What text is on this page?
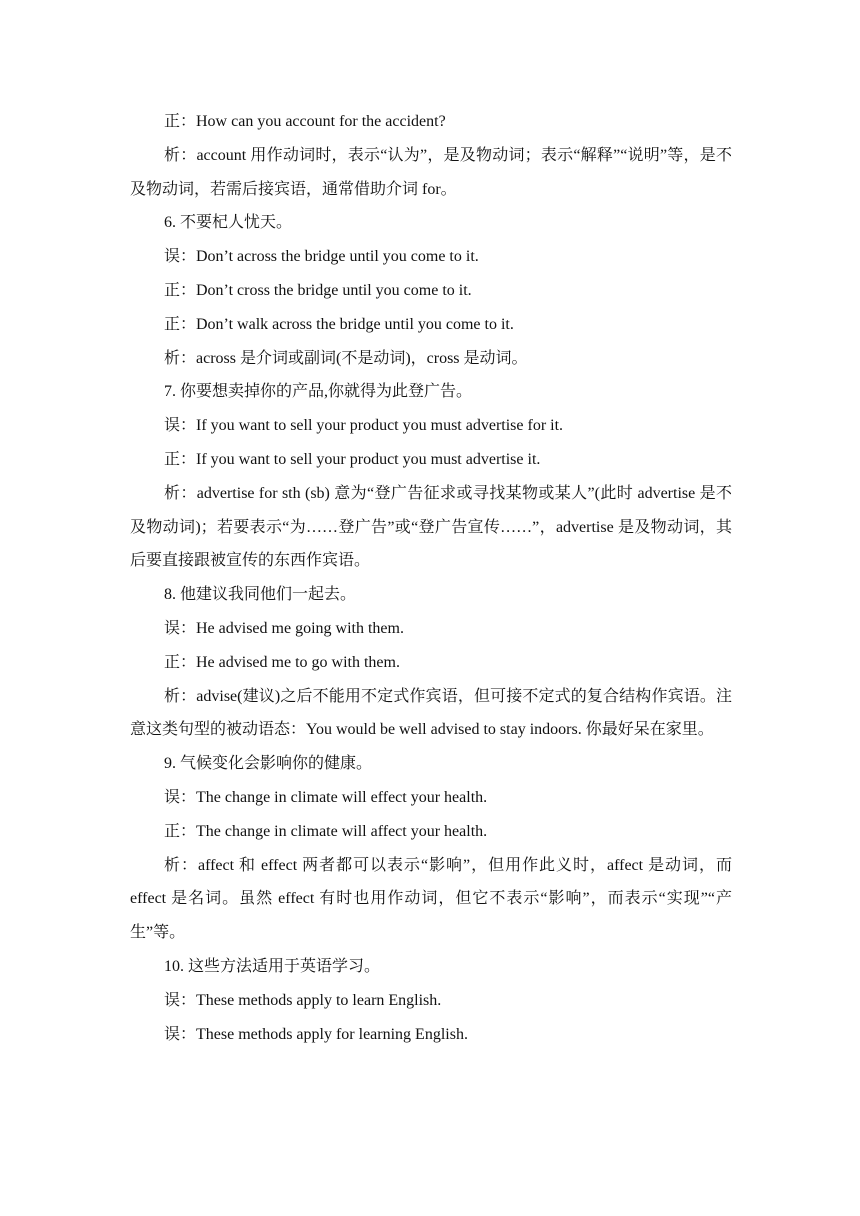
正：How can you account for the accident?
析：account 用作动词时，表示“认为”，是及物动词；表示“解释”“说明”等，是不及物动词，若需后接宾语，通常借助介词 for。
6. 不要杞人忧天。
误：Don’t across the bridge until you come to it.
正：Don’t cross the bridge until you come to it.
正：Don’t walk across the bridge until you come to it.
析：across 是介词或副词(不是动词)，cross 是动词。
7. 你要想卖掉你的产品,你就得为此登广告。
误：If you want to sell your product you must advertise for it.
正：If you want to sell your product you must advertise it.
析：advertise for sth (sb) 意为“登广告征求或寻找某物或某人”(此时 advertise 是不及物动词)；若要表示“为……登广告”或“登广告宣传……”，advertise 是及物动词，其后要直接跟被宣传的东西作宾语。
8. 他建议我同他们一起去。
误：He advised me going with them.
正：He advised me to go with them.
析：advise(建议)之后不能用不定式作宾语，但可接不定式的复合结构作宾语。注意这类句型的被动语态：You would be well advised to stay indoors. 你最好呆在家里。
9. 气候变化会影响你的健康。
误：The change in climate will effect your health.
正：The change in climate will affect your health.
析：affect 和 effect 两者都可以表示“影响”，但用作此义时，affect 是动词，而 effect 是名词。虽然 effect 有时也用作动词，但它不表示“影响”，而表示“实现”“产生”等。
10. 这些方法适用于英语学习。
误：These methods apply to learn English.
误：These methods apply for learning English.
